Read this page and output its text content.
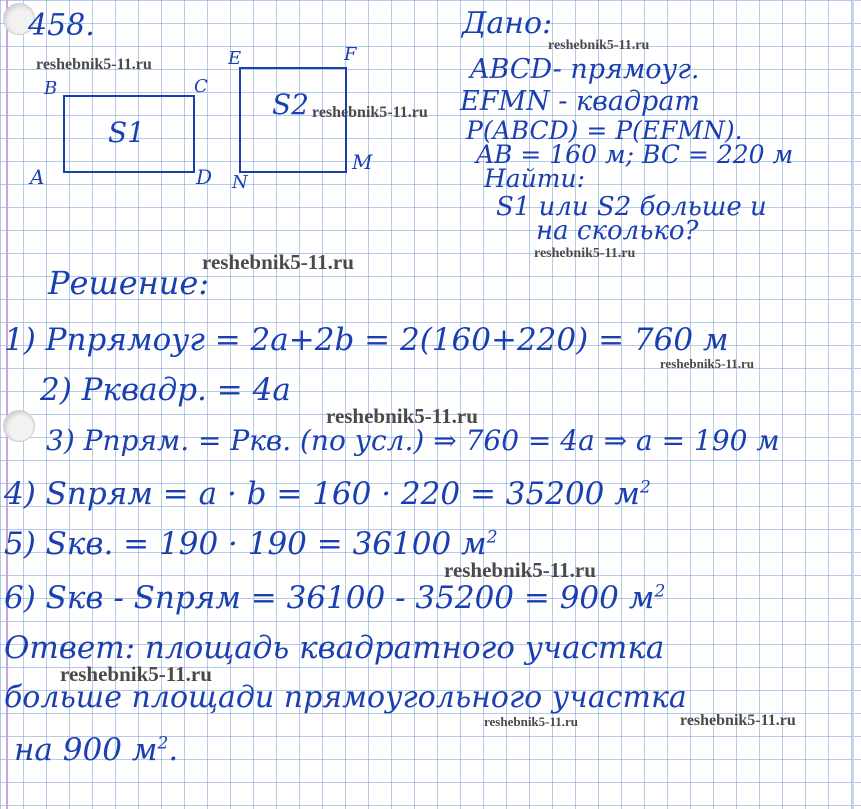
458.
B	C
A	D
S1
E	F
M
N
S2
Дано:
ABCD- прямоуг.
EFMN - квадрат
P(ABCD) = P(EFMN).
AB = 160 м; BC = 220 м
Найти:
S1 или S2 больше и
на сколько?
Решение:
1) Pпрямоуг = 2a+2b = 2(160+220) = 760 м
2) Pквадр. = 4a
3) Pпрям. = Pкв. (по усл.) ⇒ 760 = 4a ⇒ a = 190 м
4) Sпрям = a · b = 160 · 220 = 35200 $м^2$
5) Sкв. = 190 · 190 = 36100 $м^2$
6) Sкв - Sпрям = 36100 - 35200 = 900 $м^2$
Ответ: площадь квадратного участка
больше площади прямоугольного участка
на 900 $м^2$.
reshebnik5-11.ru
reshebnik5-11.ru
reshebnik5-11.ru
reshebnik5-11.ru	reshebnik5-11.ru
reshebnik5-11.ru
reshebnik5-11.ru
reshebnik5-11.ru
reshebnik5-11.ru
reshebnik5-11.ru	reshebnik5-11.ru
